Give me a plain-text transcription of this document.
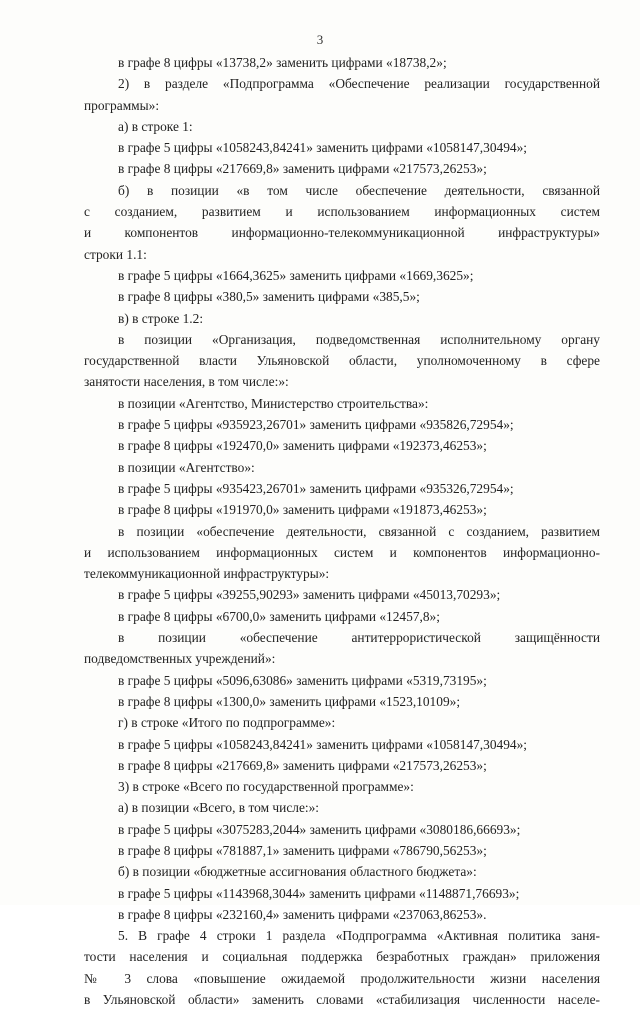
3
в графе 8 цифры «13738,2» заменить цифрами «18738,2»;
2) в разделе «Подпрограмма «Обеспечение реализации государственной
программы»:
а) в строке 1:
в графе 5 цифры «1058243,84241» заменить цифрами «1058147,30494»;
в графе 8 цифры «217669,8» заменить цифрами «217573,26253»;
б) в позиции «в том числе обеспечение деятельности, связанной
с созданием, развитием и использованием информационных систем
и компонентов информационно-телекоммуникационной инфраструктуры»
строки 1.1:
в графе 5 цифры «1664,3625» заменить цифрами «1669,3625»;
в графе 8 цифры «380,5» заменить цифрами «385,5»;
в) в строке 1.2:
в позиции «Организация, подведомственная исполнительному органу
государственной власти Ульяновской области, уполномоченному в сфере
занятости населения, в том числе:»:
в позиции «Агентство, Министерство строительства»:
в графе 5 цифры «935923,26701» заменить цифрами «935826,72954»;
в графе 8 цифры «192470,0» заменить цифрами «192373,46253»;
в позиции «Агентство»:
в графе 5 цифры «935423,26701» заменить цифрами «935326,72954»;
в графе 8 цифры «191970,0» заменить цифрами «191873,46253»;
в позиции «обеспечение деятельности, связанной с созданием, развитием
и использованием информационных систем и компонентов информационно-
телекоммуникационной инфраструктуры»:
в графе 5 цифры «39255,90293» заменить цифрами «45013,70293»;
в графе 8 цифры «6700,0» заменить цифрами «12457,8»;
в позиции «обеспечение антитеррористической защищённости
подведомственных учреждений»:
в графе 5 цифры «5096,63086» заменить цифрами «5319,73195»;
в графе 8 цифры «1300,0» заменить цифрами «1523,10109»;
г) в строке «Итого по подпрограмме»:
в графе 5 цифры «1058243,84241» заменить цифрами «1058147,30494»;
в графе 8 цифры «217669,8» заменить цифрами «217573,26253»;
3) в строке «Всего по государственной программе»:
а) в позиции «Всего, в том числе:»:
в графе 5 цифры «3075283,2044» заменить цифрами «3080186,66693»;
в графе 8 цифры «781887,1» заменить цифрами «786790,56253»;
б) в позиции «бюджетные ассигнования областного бюджета»:
в графе 5 цифры «1143968,3044» заменить цифрами «1148871,76693»;
в графе 8 цифры «232160,4» заменить цифрами «237063,86253».
5. В графе 4 строки 1 раздела «Подпрограмма «Активная политика заня-
тости населения и социальная поддержка безработных граждан» приложения
№ 3 слова «повышение ожидаемой продолжительности жизни населения
в Ульяновской области» заменить словами «стабилизация численности населе-
